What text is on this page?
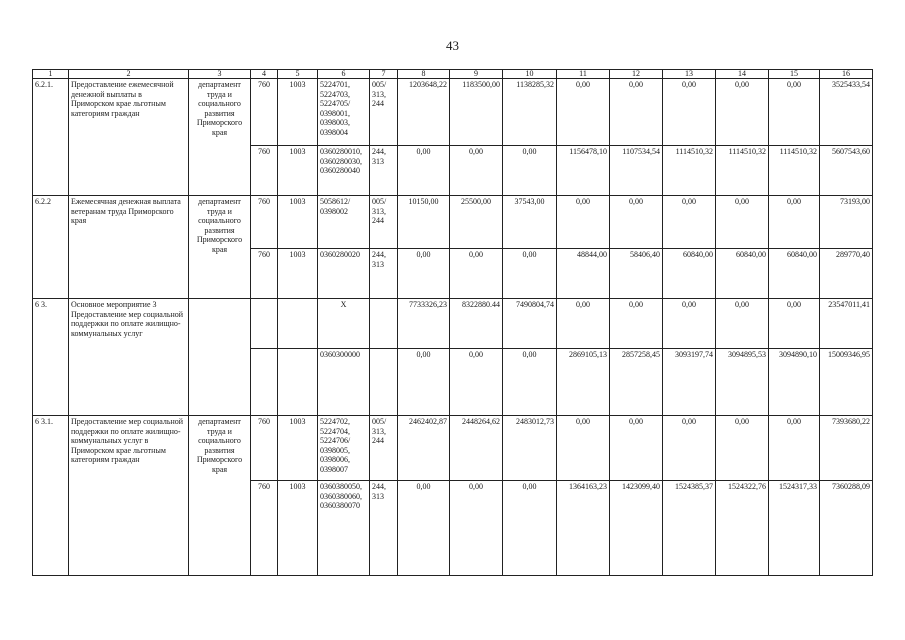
43
1	2	3	4	5	6	7	8	9	10	11	12	13	14	15	16
6.2.1.	Предоставление ежемесячной денежной выплаты в Приморском крае льготным категориям граждан	департамент труда и социального развития Приморского края	760	1003	5224701, 5224703, 5224705/ 0398001, 0398003, 0398004	005/ 313, 244	1203648,22	1183500,00	1138285,32	0,00	0,00	0,00	0,00	0,00	3525433,54
			760	1003	0360280010, 0360280030, 0360280040	244, 313	0,00	0,00	0,00	1156478,10	1107534,54	1114510,32	1114510,32	1114510,32	5607543,60
6.2.2	Ежемесячная денежная выплата ветеранам труда Приморского края	департамент труда и социального развития Приморского края	760	1003	5058612/ 0398002	005/ 313, 244	10150,00	25500,00	37543,00	0,00	0,00	0,00	0,00	0,00	73193,00
			760	1003	0360280020	244, 313	0,00	0,00	0,00	48844,00	58406,40	60840,00	60840,00	60840,00	289770,40
6 3.	Основное мероприятие 3 Предоставление мер социальной поддержки по оплате жилищно-коммунальных услуг				X		7733326,23	8322880.44	7490804,74	0,00	0,00	0,00	0,00	0,00	23547011,41
					0360300000		0,00	0,00	0,00	2869105,13	2857258,45	3093197,74	3094895,53	3094890,10	15009346,95
6 3.1.	Предоставление мер социальной поддержки по оплате жилищно-коммунальных услуг в Приморском крае льготным категориям граждан	департамент труда и социального развития Приморского края	760	1003	5224702, 5224704, 5224706/ 0398005, 0398006, 0398007	005/ 313, 244	2462402,87	2448264,62	2483012,73	0,00	0,00	0,00	0,00	0,00	7393680,22
			760	1003	0360380050, 0360380060, 0360380070	244, 313	0,00	0,00	0,00	1364163,23	1423099,40	1524385,37	1524322,76	1524317,33	7360288,09
